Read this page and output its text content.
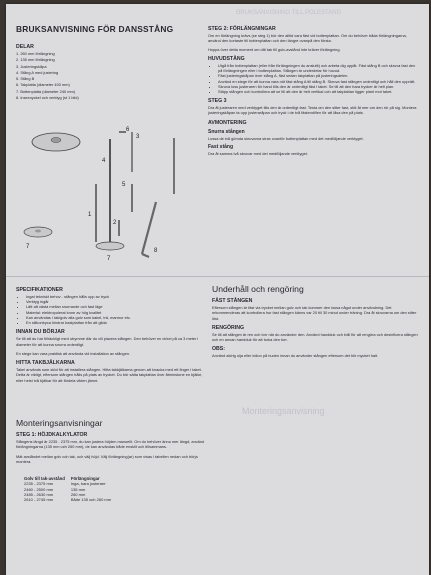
ᗺRUKSANVISNING TILL POLESTANG
Monteringsanvisning
BRUKSANVISNING FÖR DANSSTÅNG
DELAR
1. 260 mm förlängning
2. 135 mm förlängning
3. Justeringskåpa
4. Stång A med justering
5. Stång B
6. Takplatta (diameter 400 mm)
7. Bottenplatta (diameter 240 mm)
8. Insexnyckel och verktyg (st 1 bild)
6
3
4
5
1
2
7
7
8
STEG 2: FÖRLÄNGNINGAR
Om en förlängning krävs (se steg 1) bör den alltid vara fäst vid bottenplattan. Om du behöver båda förlängningarna, använd den kortaste till bottenplattan och den längre ovanpå den första.
Hoppa över detta moment om ditt tak till golv-avstånd inte kräver förlängning.
HUVUDSTÅNG
• Utgå från bottenplattan (eller från förlängningen du anslutit) och arbeta dig uppåt. Fäst stång B och skruva fast den på förlängningen eller i bottenplattan. Stången är underdelar för huvud.
• Fäst justeringskåpan över stång A, fäst sedan takplattan på justeringsdelen.
• Använd en stege för att kunna vara nöt fäst stång A till stång B. Skruva fast stången ordentligt och håll den upprätt.
• Skruva loss justeraren för hand tills den är ordentligt fäst i taket. Se till att den bara trycker är helt plan.
• Stäpp stången och kontrollera att se till att den är helt vertikal och att takplattan ligger plant mot taket.
STEG 3
Dra åt justeraren med verktyget tills den är ordentligt fast. Testa om den sitter fast, stöt åt mer om den rör på sig. Montera justeringskåpan ta upp justeraråpan och tryck i de två fästerotillen för att låsa den på plats.
AVMONTERING
Snurra stången
Lossa de två gömda skruvarna strax ovanför bottenplattan med det medföljande verktyget.
Fast stång
Dra åt samma två skruvar med det medföljande verktyget.
SPECIFIKATIONER
• Ingat tekniskt behov - stången hålls upp av tryck
• Verktyg ingår
• Lätt att västa mellan snurrande och fast läge
• Material: elektropolerat krom av hög kvalitet
• Kan användas i tak/golv alla golv som kakel, trä, marmor etc.
• En silikonbyxa hindrar bastplattan från att glida
INNAN DU BÖRJAR
Se till att du har tillräckligt med utrymme där du vill placera stången. Den behöver en cirkel på ca 3 meter i diameter för att kunna snurra ordentligt.
En stege kan vara praktisk att använda vid installation av stången.
HITTA TAKBJÄLKARNA
Takel används som stöd för att installera stången. Hitta takbjälkarna genom att knacka med ett finger i taket. Detta är viktigt, eftersom stången hålls på plats av trycket. Du bör sätta takplattan över åtminstone en bjälke, eller helst två bjälkar för att fördela vikten jämnt.
Underhåll och rengöring
FÄST STÅNGEN
Eftersom stången är fäst via trycket mellan golv och tak kommer den lossa något under användning. Det rekommenderas att kontrollera hur fast stången känns var 20 till 30 minut under träning. Dra åt skruvarna om den sitter löst.
RENGÖRING
Se till att stången är ren och torr när du använder den. Använd handduk och tvål för att rengöra och desinficera stången och en annan handduk för att torka den torr.
OBS:
Använd aldrig olja eller lotion på huden innan du använder stången eftersom det blir mycket halt.
Monteringsanvisningar
STEG 1: HÖJDKALKYLATOR
Stångens längd är 2235 - 2375 mm, du kan justera höjden manuellt. Om du behöver ännu mer längd, använd förlängningarna (135 mm och 260 mm), de kan användas både enskilt och tillsammans.
Mät avståndet mellan golv och tak, och välj höjd. Välj förlängning(ar) som visas i tabellen nedan och börja montera.
Golv till tak-avstånd	Förlängningar
2235 - 2375 mm	Inga, bara justerare
2460 - 2500 mm	135 mm
2485 - 2630 mm	260 mm
2610 - 2745 mm	Både 135 och 260 mm
